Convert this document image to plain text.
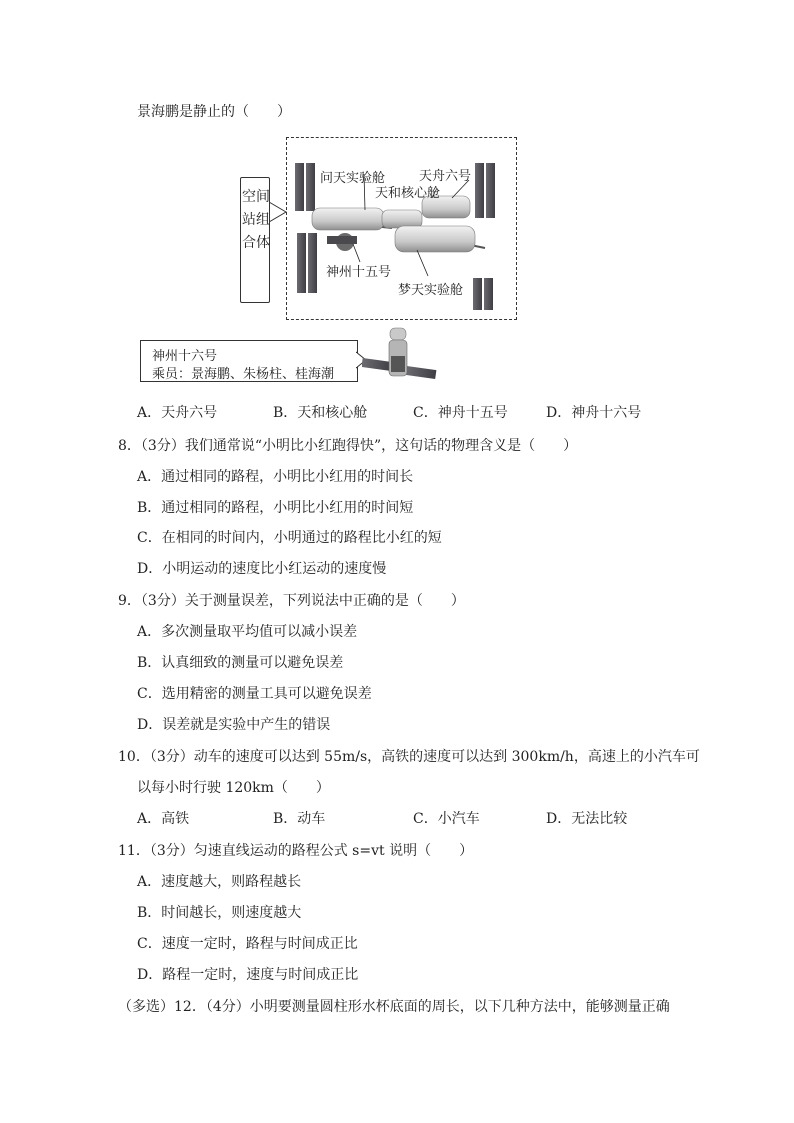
景海鹏是静止的（　　）
问天实验舱	天舟六号
天和核心舱
神州十五号
梦天实验舱
空间站组合体
神州十六号
乘员：景海鹏、朱杨柱、桂海潮
A．天舟六号	B．天和核心舱	C．神舟十五号	D．神舟十六号
8．（3分）我们通常说“小明比小红跑得快”，这句话的物理含义是（　　）
A．通过相同的路程，小明比小红用的时间长
B．通过相同的路程，小明比小红用的时间短
C．在相同的时间内，小明通过的路程比小红的短
D．小明运动的速度比小红运动的速度慢
9．（3分）关于测量误差，下列说法中正确的是（　　）
A．多次测量取平均值可以减小误差
B．认真细致的测量可以避免误差
C．选用精密的测量工具可以避免误差
D．误差就是实验中产生的错误
10．（3分）动车的速度可以达到 55m/s，高铁的速度可以达到 300km/h，高速上的小汽车可
以每小时行驶 120km（　　）
A．高铁	B．动车	C．小汽车	D．无法比较
11．（3分）匀速直线运动的路程公式 s=vt 说明（　　）
A．速度越大，则路程越长
B．时间越长，则速度越大
C．速度一定时，路程与时间成正比
D．路程一定时，速度与时间成正比
（多选）12．（4分）小明要测量圆柱形水杯底面的周长，以下几种方法中，能够测量正确
